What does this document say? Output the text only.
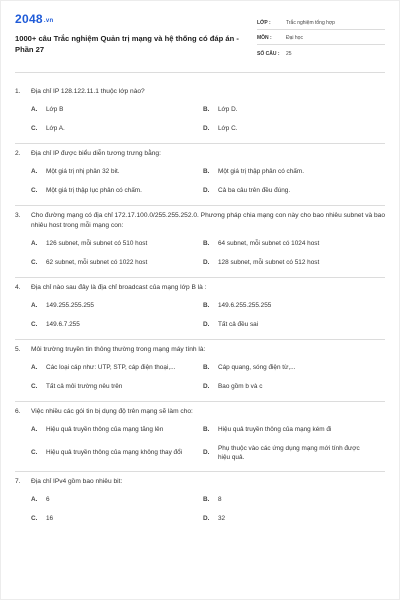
2048.vn
1000+ câu Trắc nghiệm Quản trị mạng và hệ thống có đáp án - Phần 27
LỚP :	Trắc nghiệm tổng hợp
MÔN :	Đại học
SỐ CÂU :	25
1.	Địa chỉ IP 128.122.11.1 thuộc lớp nào?
A.	Lớp B	B.	Lớp D.
C.	Lớp A.	D.	Lớp C.
2.	Địa chỉ IP được biểu diễn tương trưng bằng:
A.	Một giá trị nhị phân 32 bit.	B.	Một giá trị thập phân có chấm.
C.	Một giá trị thập lục phân có chấm.	D.	Cả ba câu trên đều đúng.
3.	Cho đường mạng có địa chỉ 172.17.100.0/255.255.252.0. Phương pháp chia mạng con này cho bao nhiêu subnet và bao nhiêu host trong mỗi mạng con:
A.	126 subnet, mỗi subnet có 510 host	B.	64 subnet, mỗi subnet có 1024 host
C.	62 subnet, mỗi subnet có 1022 host	D.	128 subnet, mỗi subnet có 512 host
4.	Địa chỉ nào sau đây là địa chỉ broadcast của mạng lớp B là :
A.	149.255.255.255	B.	149.6.255.255.255
C.	149.6.7.255	D.	Tất cả đều sai
5.	Môi trường truyền tin thông thường trong mạng máy tính là:
A.	Các loại cáp như: UTP, STP, cáp điện thoại,...	B.	Cáp quang, sóng điện từ,...
C.	Tất cả môi trường nêu trên	D.	Bao gồm b và c
6.	Việc nhiều các gói tin bị dụng độ trên mạng sẽ làm cho:
A.	Hiệu quả truyền thông của mạng tăng lên	B.	Hiệu quả truyền thông của mạng kém đi
C.	Hiệu quả truyền thông của mạng không thay đổi	D.
Phụ thuộc vào các ứng dụng mạng mới tính được hiệu quả.
7.	Địa chỉ IPv4 gồm bao nhiêu bit:
A.	6	B.	8
C.	16	D.	32
